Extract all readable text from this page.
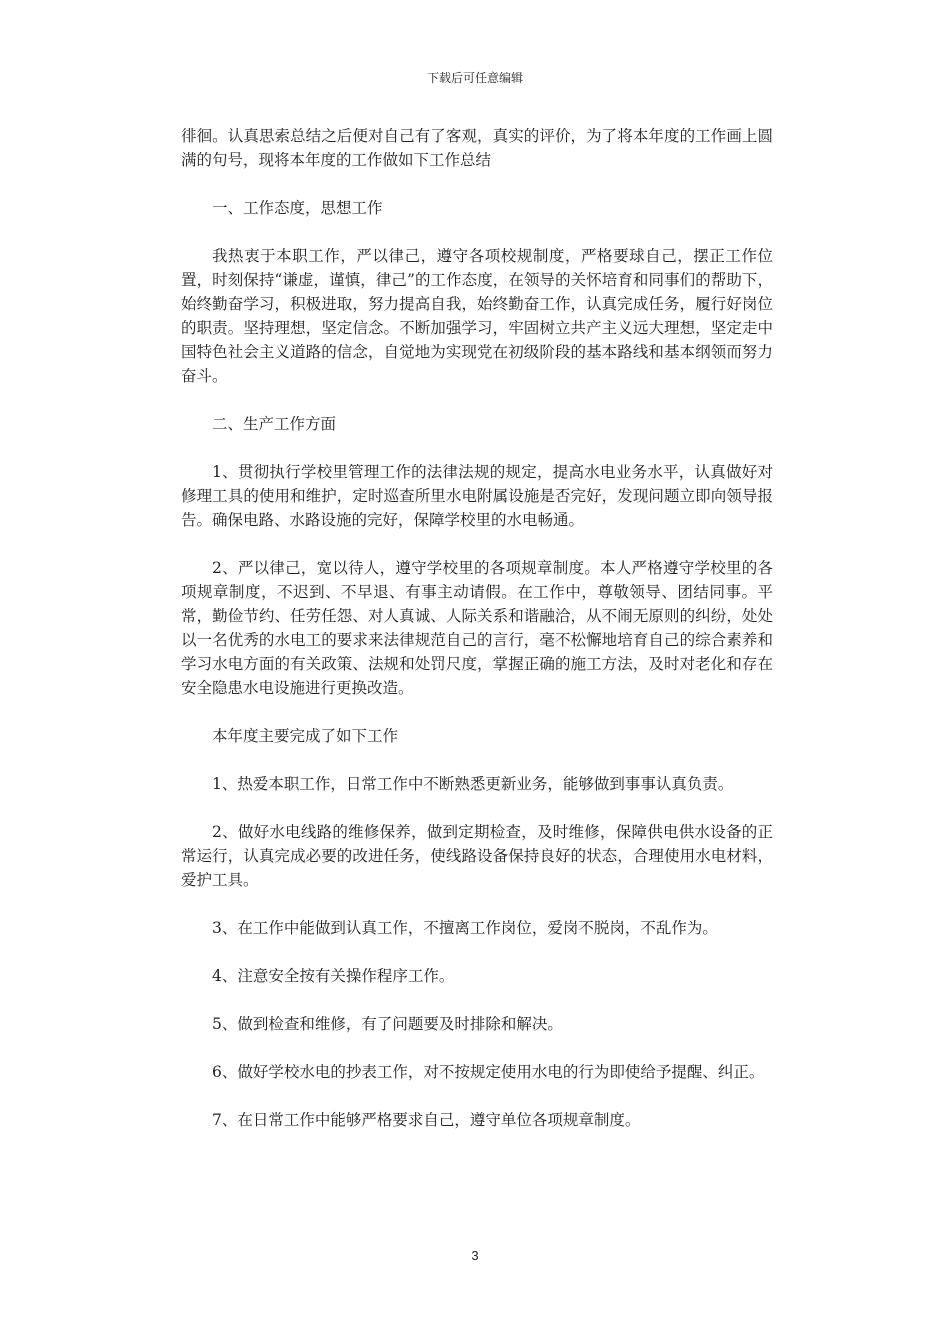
下载后可任意编辑

徘徊。认真思索总结之后便对自己有了客观，真实的评价，为了将本年度的工作画上圆满的句号，现将本年度的工作做如下工作总结

一、工作态度，思想工作

我热衷于本职工作，严以律己，遵守各项校规制度，严格要球自己，摆正工作位置，时刻保持“谦虚，谨慎，律己”的工作态度，在领导的关怀培育和同事们的帮助下，始终勤奋学习，积极进取，努力提高自我，始终勤奋工作，认真完成任务，履行好岗位的职责。坚持理想，坚定信念。不断加强学习，牢固树立共产主义远大理想，坚定走中国特色社会主义道路的信念，自觉地为实现党在初级阶段的基本路线和基本纲领而努力奋斗。

二、生产工作方面

1、贯彻执行学校里管理工作的法律法规的规定，提高水电业务水平，认真做好对修理工具的使用和维护，定时巡查所里水电附属设施是否完好，发现问题立即向领导报告。确保电路、水路设施的完好，保障学校里的水电畅通。

2、严以律己，宽以待人，遵守学校里的各项规章制度。本人严格遵守学校里的各项规章制度，不迟到、不早退、有事主动请假。在工作中，尊敬领导、团结同事。平常，勤俭节约、任劳任怨、对人真诚、人际关系和谐融洽，从不闹无原则的纠纷，处处以一名优秀的水电工的要求来法律规范自己的言行，毫不松懈地培育自己的综合素养和学习水电方面的有关政策、法规和处罚尺度，掌握正确的施工方法，及时对老化和存在安全隐患水电设施进行更换改造。

本年度主要完成了如下工作

1、热爱本职工作，日常工作中不断熟悉更新业务，能够做到事事认真负责。

2、做好水电线路的维修保养，做到定期检查，及时维修，保障供电供水设备的正常运行，认真完成必要的改进任务，使线路设备保持良好的状态，合理使用水电材料，爱护工具。

3、在工作中能做到认真工作，不擅离工作岗位，爱岗不脱岗，不乱作为。

4、注意安全按有关操作程序工作。

5、做到检查和维修，有了问题要及时排除和解决。

6、做好学校水电的抄表工作，对不按规定使用水电的行为即使给予提醒、纠正。

7、在日常工作中能够严格要求自己，遵守单位各项规章制度。

3
